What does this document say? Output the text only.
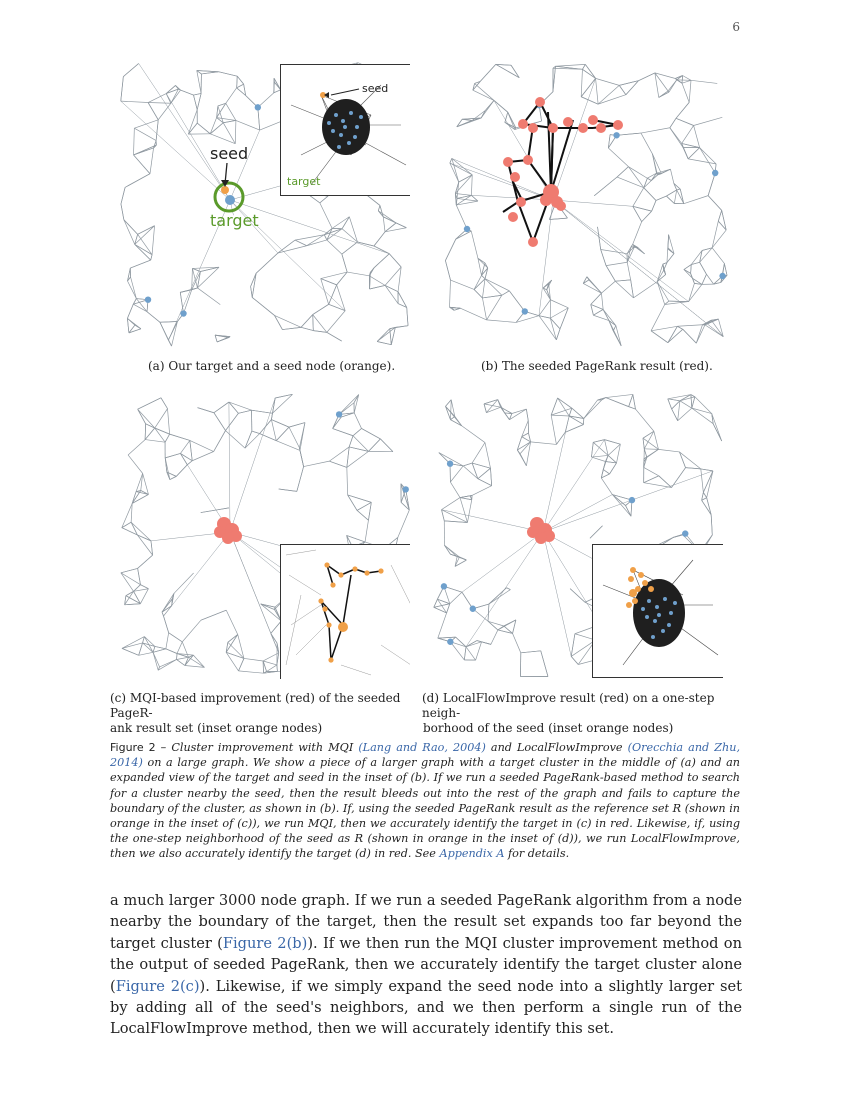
6
seed
target
seed
target
(a) Our target and a seed node (orange).	(b) The seeded PageRank result (red).
(c) MQI-based improvement (red) of the seeded PageR-
ank result set (inset orange nodes)
(d) LocalFlowImprove result (red) on a one-step neigh-
borhood of the seed (inset orange nodes)
Figure 2 – Cluster improvement with MQI (Lang and Rao, 2004) and LocalFlowImprove (Orecchia and Zhu, 2014) on a large graph. We show a piece of a larger graph with a target cluster in the middle of (a) and an expanded view of the target and seed in the inset of (b). If we run a seeded PageRank-based method to search for a cluster nearby the seed, then the result bleeds out into the rest of the graph and fails to capture the boundary of the cluster, as shown in (b). If, using the seeded PageRank result as the reference set R (shown in orange in the inset of (c)), we run MQI, then we accurately identify the target in (c) in red. Likewise, if, using the one-step neighborhood of the seed as R (shown in orange in the inset of (d)), we run LocalFlowImprove, then we also accurately identify the target (d) in red. See Appendix A for details.
a much larger 3000 node graph. If we run a seeded PageRank algorithm from a node nearby the boundary of the target, then the result set expands too far beyond the target cluster (Figure 2(b)). If we then run the MQI cluster improvement method on the output of seeded PageRank, then we accurately identify the target cluster alone (Figure 2(c)). Likewise, if we simply expand the seed node into a slightly larger set by adding all of the seed's neighbors, and we then perform a single run of the LocalFlowImprove method, then we will accurately identify this set.
